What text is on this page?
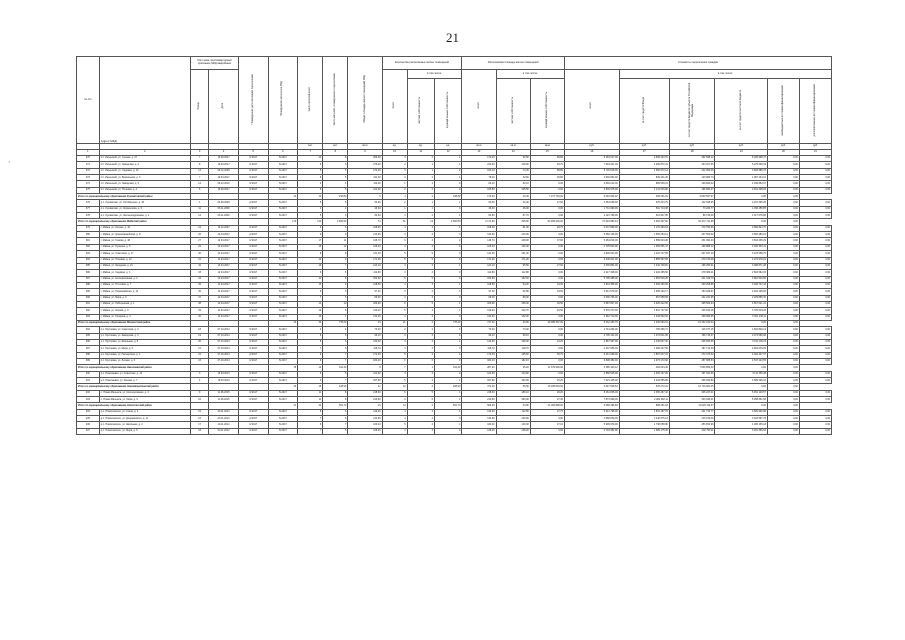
21
·
№ п/п	Адрес МКД	Лист-хаза, многоквартирный признание МКД аварийным		Планируемая дата окончания переселения	Планируемая дата сноса МКД	Число жителей всего	Число жителей, планируемых к переселению	Общая площадь жилых помещений МКД	Количество расселяемых жилых помещений			Расселяемая площадь жилых помещений			Стоимость переселения граждан					
		Номер	Дата						всего	в том числе:		всего	в том числе:		всего	в том числе:				
										частная собственность	муниципальная собственность		частная собственность	муниципальная собственность		за счет средств Фонда	за счет средств бюджета субъекта Российской Федерации	за счет средств местного бюджета	внебюджетные источники финансирования	дополнительные источники финансирования
						чел.	чел.	кв.м	ед.	ед.	ед.	кв.м	кв.м	кв.м	руб.	руб.	руб.	руб.	руб.	руб.
1	2	3	4	5	6	7	8	9	10	11	12	13	14	15	16	17	18	19	20	21
370	пгт. Инзенский, ул. Сенная, д. 27	7	19.04.2017	IV.2017	IV.2017	12	8	256,00	3	2	1	172,40	92,60	80,80	9 284 617,00	2 690 920,51	392 698,12	6 200 998,37	0,00	0,00
371	пгт. Инзенский, ул. Заводская, д. 2	8	19.04.2017	IV.2017	IV.2017	6	6	276,20	2	1	1	212,30	118,60	93,70	7 904 201,00	2 290 872,41	334 327,66	5 279 000,93	0,00	0,00
372	пгт. Инзенский, ул. Садовая, д. 19	13	09.12.2006	IV.2017	IV.2017	5	5	174,00	3	1	2	163,10	74,30	88,80	5 729 918,00	1 660 672,14	242 360,08	3 826 885,78	0,00	0,00
373	пгт. Инзенский, ул. Вокзальная, д. 3	7	19.04.2017	IV.2017	IV.2017	8	5	211,30	3	2	1	78,40	32,60	45,80	2 930 832,00	849 431,26	123 966,73	1 957 434,01	0,00	0,00
374	пгт. Инзенский, ул. Заводская, д. 5	14	06.12.2016	IV.2017	IV.2017	4	4	112,00	1	1	0	82,10	82,10	0,00	3 069 212,00	889 539,01	129 820,02	2 049 852,97	0,00	0,00
375	пгт. Инзенский, ул. Полевая, д. 4	6	19.04.2017	IV.2017	IV.2017	5	5	124,00	2	2	0	105,50	105,50	0,00	3 939 975,00	1 141 915,80	166 650,27	2 631 408,93	0,00	0,00
Итого по муниципальному образованию Кузоватовский район					14	10	218,80	6	4	2	218,80	176,40	42,40	7 217 794,00	2 091 904,22	305 291,81	4 820 597,97	0,00	0,00	
376	р.п. Кузоватово, ул. Октябрьская, д. 18	1	02.09.2009	IV.2017	IV.2017	5	5	90,00	2	1	1	90,00	42,40	47,60	3 364 938,00	975 243,79	142 328,95	2 247 365,26	0,00	0,00
377	р.п. Кузоватово, ул. Лермонтова, д. 6	11	06.11.2009	IV.2017	IV.2017	4	2	46,30	1	1	0	46,30	46,30	0,00	1 731 090,00	501 713,38	73 220,77	1 156 155,85	0,00	0,00
378	р.п. Кузоватово, ул. Железнодорожная, д. 2	12	06.11.2009	IV.2017	IV.2017	5	3	82,50	3	2	1	82,50	87,70	0,00	2 121 766,00	614 947,05	89 742,09	1 417 076,86	0,00	0,00
Итого по муниципальному образованию Майнский район					179	120	2 500,50	74	61	13	2 500,50	2 174,60	325,90	93 486 900,00	27 094 880,44	3 954 307,60	62 437 711,96	0,00	0,00	
379	г. Майна, ул. Лесная, д. 10	24	13.12.2007	IV.2017	IV.2017	9	6	108,00	4	3	1	108,00	81,30	26,70	4 037 899,00	1 170 283,64	170 790,66	2 696 824,70	0,00	0,00
380	г. Майна, ул. Красноармейская, д. 8	26	14.04.2017	IV.2017	IV.2017	9	9	143,90	3	3	0	143,90	143,90	0,00	5 380 136,00	1 559 284,14	227 562,62	3 593 289,24	0,00	0,00
381	г. Майна, ул. Гимова, д. 48	27	14.04.2017	IV.2017	IV.2017	17	11	146,70	6	4	2	146,70	108,90	37,80	5 484 819,00	1 589 623,28	231 990,43	3 663 205,29	0,00	0,00
382	г. Майна, ул. Пушкина, д. 5	29	14.04.2017	IV.2017	IV.2017	16	12	126,40	4	4	0	126,40	126,40	0,00	4 725 843,00	1 369 651,47	199 888,12	3 156 303,41	0,00	0,00
383	г. Майна, ул. Советская, д. 17	30	14.04.2017	IV.2017	IV.2017	8	8	131,30	5	5	0	131,30	131,30	0,00	4 909 043,00	1 422 747,05	207 637,19	3 278 658,76	0,00	0,00
384	г. Майна, ул. Полевая, д. 12	31	14.04.2017	IV.2017	IV.2017	12	9	171,20	5	5	0	171,20	171,20	0,00	6 400 811,00	1 855 097,82	270 734,08	4 274 979,10	0,00	0,00
385	г. Майна, ул. Западная, д. 21	32	14.04.2017	IV.2017	IV.2017	10	7	124,10	4	3	1	124,10	96,50	27,60	4 639 851,00	1 344 728,81	196 250,91	3 098 871,28	0,00	0,00
386	г. Майна, ул. Садовая, д. 3	33	14.04.2017	IV.2017	IV.2017	6	6	112,80	3	3	0	112,80	112,80	0,00	4 217 328,00	1 222 285,56	178 380,41	2 816 662,03	0,00	0,00
387	г. Майна, ул. Кооперативная, д. 2	34	14.04.2017	IV.2017	IV.2017	11	8	152,60	5	5	0	152,60	152,60	0,00	5 705 386,00	1 653 549,25	241 319,79	3 810 516,96	0,00	0,00
388	г. Майна, ул. Почтовая, д. 7	35	14.04.2017	IV.2017	IV.2017	13	9	128,50	4	3	1	128,50	94,20	34,30	4 804 358,00	1 392 406,69	203 208,88	3 208 742,43	0,00	0,00
389	г. Майна, ул. Первомайская, д. 14	36	14.04.2017	IV.2017	IV.2017	9	6	97,40	3	2	1	97,40	62,80	34,60	3 641 579,00	1 055 420,17	154 029,87	2 432 128,96	0,00	0,00
390	г. Майна, ул. Мира, д. 6	37	14.04.2017	IV.2017	IV.2017	7	5	89,30	3	3	0	89,30	89,30	0,00	3 338 766,00	967 658,59	141 221,95	2 229 885,46	0,00	0,00
391	г. Майна, ул. Набережная, д. 1	38	14.04.2017	IV.2017	IV.2017	14	10	186,90	6	5	1	186,90	156,40	30,50	6 987 807,00	2 025 222,65	295 562,94	4 667 021,41	0,00	0,00
392	г. Майна, ул. Кирова, д. 9	39	14.04.2017	IV.2017	IV.2017	12	8	149,20	5	4	1	149,20	122,70	26,50	5 578 270,00	1 616 707,56	235 943,18	3 725 619,26	0,00	0,00
393	г. Майна, ул. Гагарина, д. 4	40	14.04.2017	IV.2017	IV.2017	10	7	132,20	4	4	0	132,20	132,20	0,00	4 942 712,00	1 432 502,94	209 060,95	3 301 148,11	0,00	0,00
Итого по муниципальному образованию Мелекесский район					43	34	778,20	23	21	2	778,20	717,30	60,90	29 095 367,00	8 432 463,75	1 230 660,61	19 432 242,64	0,00	0,00	
394	р.п. Мулловка, ул. Советская, д. 2	18	07.10.2014	IV.2017	IV.2017	4	4	73,40	2	2	0	73,40	73,40	0,00	2 744 284,00	795 366,71	116 077,15	1 832 840,14	0,00	0,00
395	р.п. Мулловка, ул. Заводская, д. 3	19	07.10.2014	IV.2017	IV.2017	6	5	99,10	3	3	0	99,10	99,10	0,00	3 705 141,00	1 073 841,95	156 718,37	2 474 580,68	0,00	0,00
396	р.п. Мулловка, ул. Школьная, д. 8	20	07.10.2014	IV.2017	IV.2017	8	6	132,60	4	3	1	132,60	108,40	24,20	4 957 667,00	1 436 837,30	209 693,55	3 311 136,15	0,00	0,00
397	р.п. Мулловка, ул. Мира, д. 5	21	07.10.2014	IV.2017	IV.2017	7	5	118,70	3	3	0	118,70	118,70	0,00	4 437 955,00	1 286 227,56	187 712,39	2 964 015,05	0,00	0,00
398	р.п. Мулловка, ул. Пионерская, д. 1	22	07.10.2014	IV.2017	IV.2017	9	7	172,30	5	4	1	172,30	135,60	36,70	6 441 938,00	1 867 017,31	272 473,62	4 302 447,07	0,00	0,00
399	р.п. Мулловка, ул. Лесная, д. 6	23	07.10.2014	IV.2017	IV.2017	9	7	182,10	6	6	0	182,10	182,10	0,00	6 808 382,00	1 973 172,92	287 985,53	4 547 223,55	0,00	0,00
Итого по муниципальному образованию Николаевский район					15	12	312,40	8	7	1	312,40	287,20	25,20	11 679 990,00	3 385 103,12	494 034,46	7 800 852,42	0,00	0,00	
400	р.п. Николаевка, ул. Советская, д. 12	3	15.03.2013	IV.2017	IV.2017	6	5	124,60	3	3	0	124,60	124,60	0,00	4 658 545,00	1 350 147,26	197 041,66	3 111 356,08	0,00	0,00
401	р.п. Николаевка, ул. Ленина, д. 7	4	15.03.2013	IV.2017	IV.2017	9	7	187,80	5	4	1	187,80	162,60	25,20	7 021 445,00	2 034 955,86	296 992,80	4 689 496,34	0,00	0,00
Итого по муниципальному образованию Новомалыклинский район					22	16	428,90	12	10	2	428,90	372,40	56,50	16 035 804,00	4 647 529,53	678 272,22	10 710 002,25	0,00	0,00	
402	с. Новая Малыкла, ул. Кооперативная, д. 3	9	11.06.2015	IV.2017	IV.2017	11	8	218,30	6	5	1	218,30	189,10	29,20	8 161 835,00	2 365 467,42	345 227,01	5 451 140,57	0,00	0,00
403	с. Новая Малыкла, ул. Мира, д. 9	10	11.06.2015	IV.2017	IV.2017	11	8	210,60	6	5	1	210,60	183,30	27,30	7 873 969,00	2 282 062,11	333 045,21	5 258 861,68	0,00	0,00
Итого по муниципальному образованию Новоспасский район					31	24	561,70	16	14	2	561,70	506,90	54,80	21 000 898,00	6 086 496,50	888 281,93	14 026 119,57	0,00	0,00	
404	р.п. Новоспасское, ул. Азина, д. 4	15	20.11.2014	IV.2017	IV.2017	8	6	140,20	4	3	1	140,20	112,50	27,70	5 241 798,00	1 519 187,15	221 710,77	3 500 900,08	0,00	0,00
405	р.п. Новоспасское, ул. Дзержинского, д. 11	16	20.11.2014	IV.2017	IV.2017	7	6	132,90	4	4	0	132,90	132,90	0,00	4 968 839,00	1 440 075,13	210 166,09	3 318 597,78	0,00	0,00
406	р.п. Новоспасское, ул. Школьная, д. 2	17	20.11.2014	IV.2017	IV.2017	9	7	160,40	5	4	1	160,40	133,30	27,10	5 996 979,00	1 738 058,86	253 654,96	4 005 265,18	0,00	0,00
407	р.п. Новоспасское, ул. Мира, д. 5	18	20.11.2014	IV.2017	IV.2017	7	5	128,20	3	3	0	128,20	128,20	0,00	4 793 282,00	1 389 175,36	202 750,11	3 201 356,53	0,00	0,00
